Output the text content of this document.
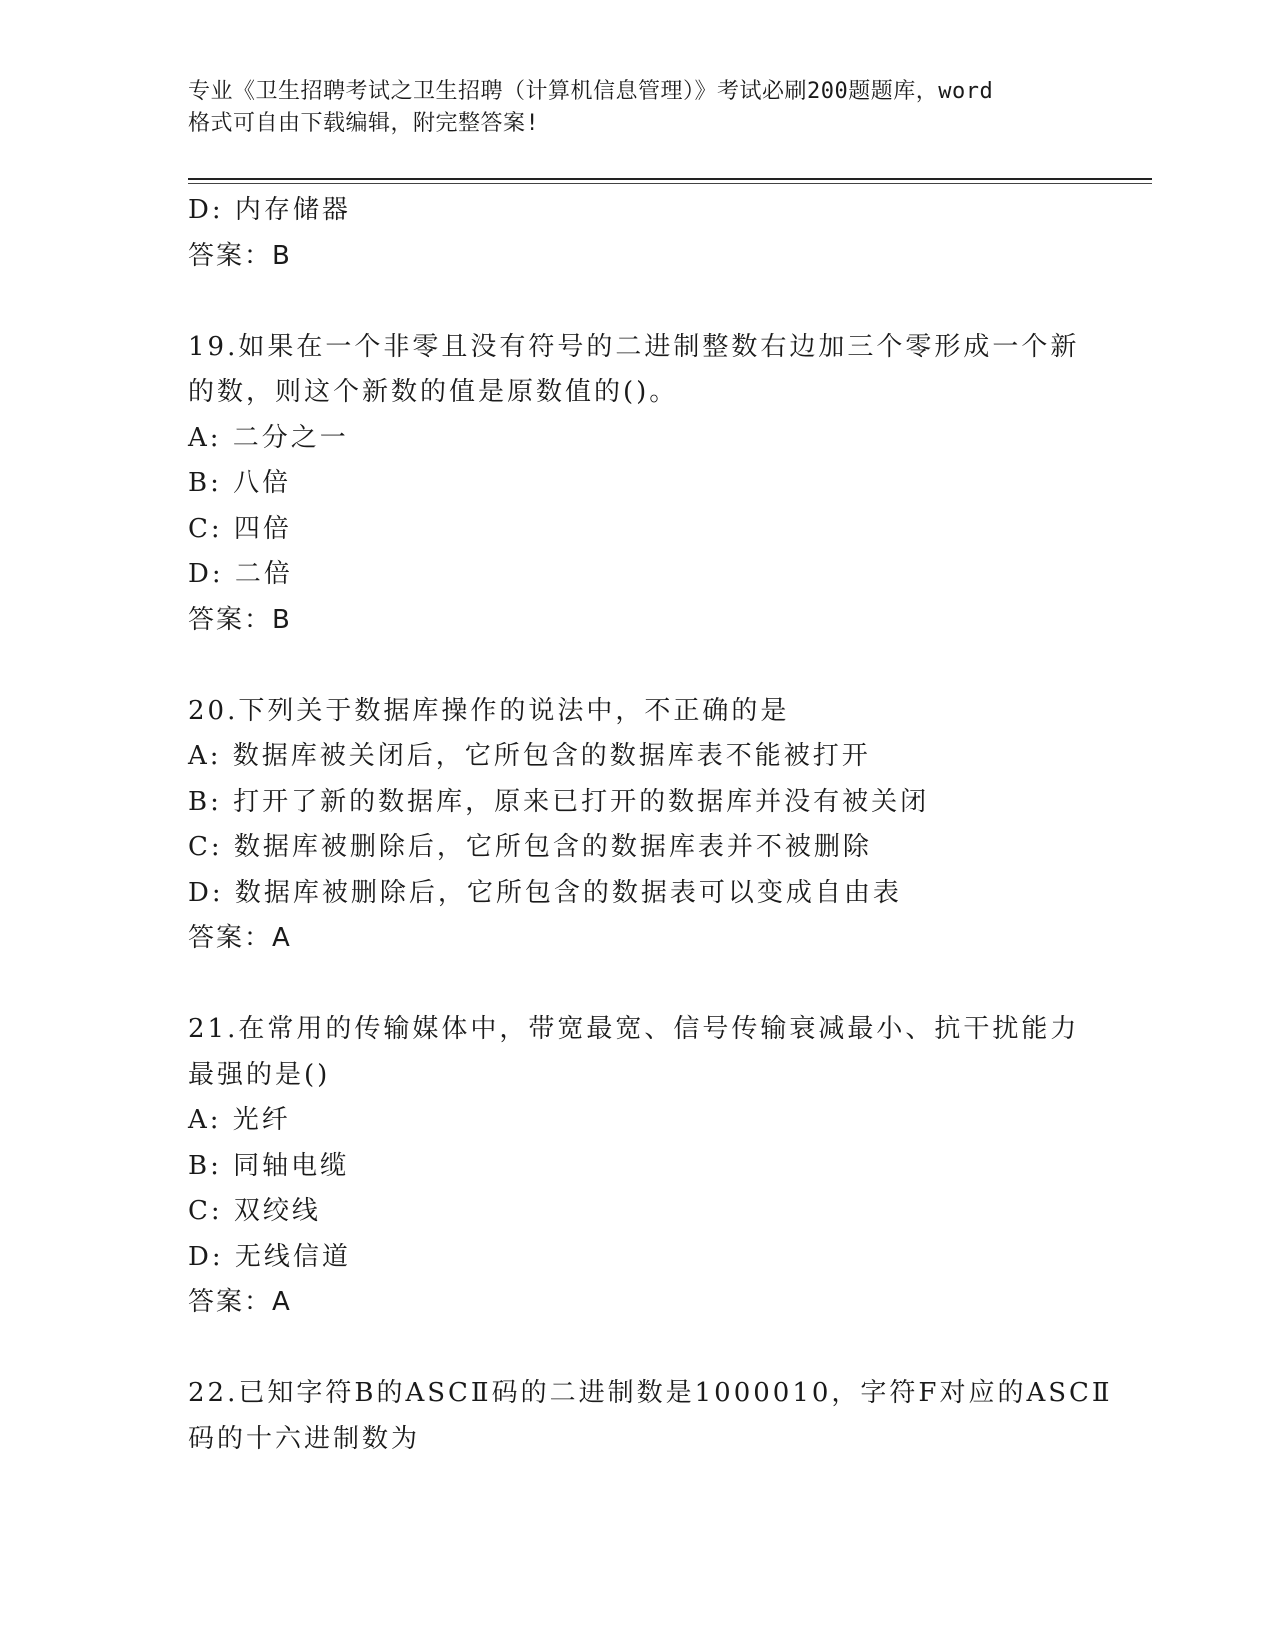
专业《卫生招聘考试之卫生招聘（计算机信息管理）》考试必刷200题题库，word
格式可自由下载编辑，附完整答案!
D: 内存储器
答案：B
19.如果在一个非零且没有符号的二进制整数右边加三个零形成一个新
的数，则这个新数的值是原数值的()。
A: 二分之一
B: 八倍
C: 四倍
D: 二倍
答案：B
20.下列关于数据库操作的说法中，不正确的是
A: 数据库被关闭后，它所包含的数据库表不能被打开
B: 打开了新的数据库，原来已打开的数据库并没有被关闭
C: 数据库被删除后，它所包含的数据库表并不被删除
D: 数据库被删除后，它所包含的数据表可以变成自由表
答案：A
21.在常用的传输媒体中，带宽最宽、信号传输衰减最小、抗干扰能力
最强的是()
A: 光纤
B: 同轴电缆
C: 双绞线
D: 无线信道
答案：A
22.已知字符B的ASCⅡ码的二进制数是1000010，字符F对应的ASCⅡ
码的十六进制数为
